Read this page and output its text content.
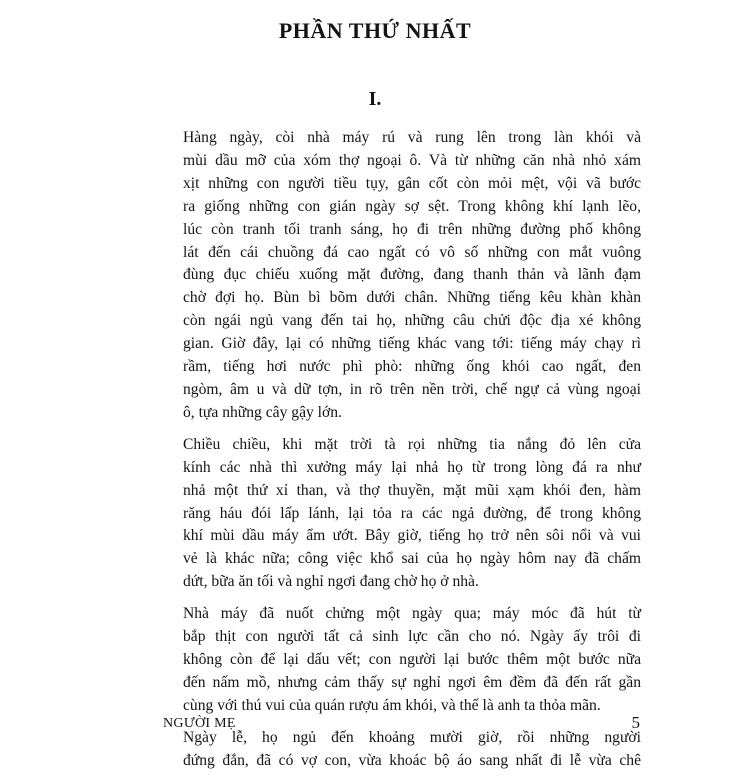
PHẦN THỨ NHẤT
I.

Hàng ngày, còi nhà máy rú và rung lên trong làn khói và
mùi dầu mỡ của xóm thợ ngoại ô. Và từ những căn nhà nhỏ xám
xịt những con người tiều tụy, gân cốt còn mỏi mệt, vội vã bước
ra giống những con gián ngày sợ sệt. Trong không khí lạnh lẽo,
lúc còn tranh tối tranh sáng, họ đi trên những đường phố không
lát đến cái chuồng đá cao ngất có vô số những con mắt vuông
đùng đục chiếu xuống mặt đường, đang thanh thản và lãnh đạm
chờ đợi họ. Bùn bì bõm dưới chân. Những tiếng kêu khàn khàn
còn ngái ngủ vang đến tai họ, những câu chửi độc địa xé không
gian. Giờ đây, lại có những tiếng khác vang tới: tiếng máy chạy rì
rầm, tiếng hơi nước phì phò: những ống khói cao ngất, đen
ngòm, âm u và dữ tợn, in rõ trên nền trời, chế ngự cả vùng ngoại
ô, tựa những cây gậy lớn.

Chiều chiều, khi mặt trời tà rọi những tia nắng đỏ lên cửa
kính các nhà thì xưởng máy lại nhả họ từ trong lòng đá ra như
nhả một thứ xỉ than, và thợ thuyền, mặt mũi xạm khói đen, hàm
răng háu đói lấp lánh, lại tỏa ra các ngả đường, để trong không
khí mùi dầu máy ẩm ướt. Bây giờ, tiếng họ trở nên sôi nổi và vui
vẻ là khác nữa; công việc khổ sai của họ ngày hôm nay đã chấm
dứt, bữa ăn tối và nghỉ ngơi đang chờ họ ở nhà.

Nhà máy đã nuốt chửng một ngày qua; máy móc đã hút từ
bắp thịt con người tất cả sinh lực cần cho nó. Ngày ấy trôi đi
không còn để lại dấu vết; con người lại bước thêm một bước nữa
đến nấm mồ, nhưng cảm thấy sự nghỉ ngơi êm đềm đã đến rất gần
cùng với thú vui của quán rượu ám khói, và thế là anh ta thỏa mãn.

Ngày lễ, họ ngủ đến khoảng mười giờ, rồi những người
đứng đắn, đã có vợ con, vừa khoác bộ áo sang nhất đi lễ vừa chê

NGƯỜI MẸ	5
